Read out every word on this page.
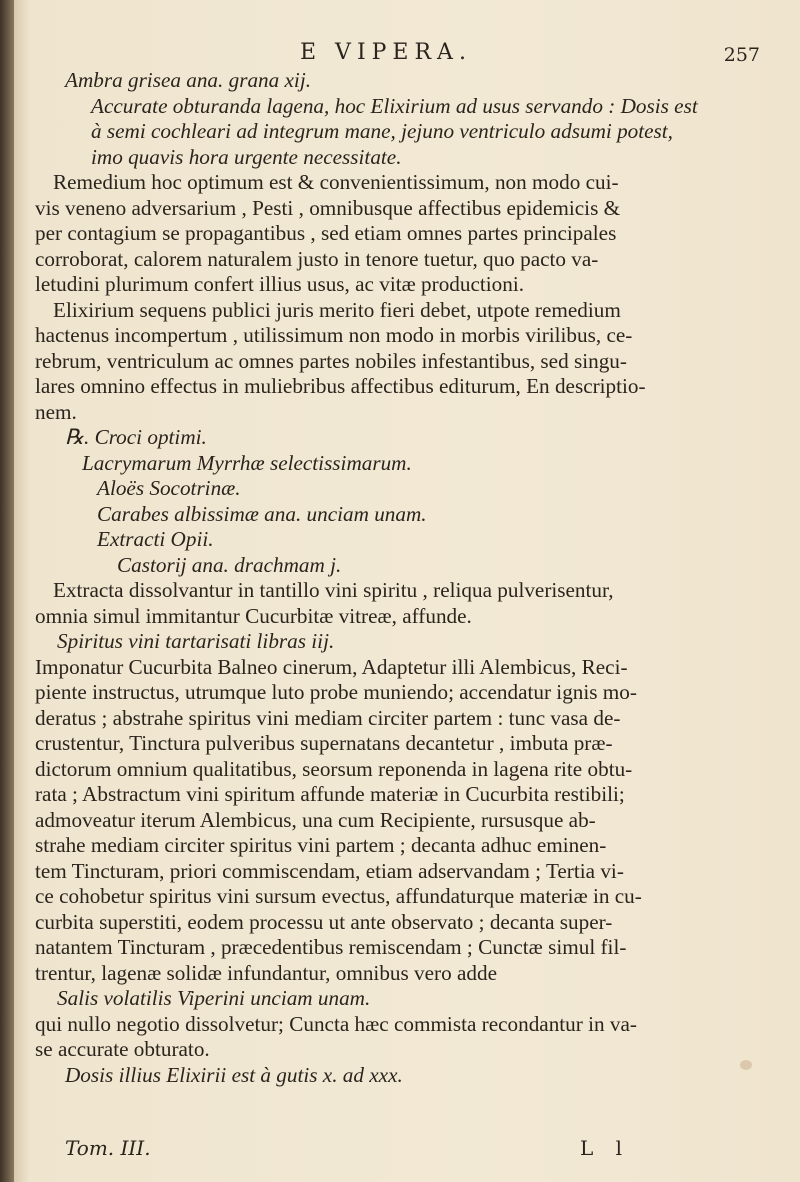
E VIPERA.	257
Ambra grisea ana. grana xij.
Accurate obturanda lagena, hoc Elixirium ad usus servando : Dosis est
à semi cochleari ad integrum mane, jejuno ventriculo adsumi potest,
imo quavis hora urgente necessitate.
Remedium hoc optimum est & convenientissimum, non modo cui-
vis veneno adversarium , Pesti , omnibusque affectibus epidemicis &
per contagium se propagantibus , sed etiam omnes partes principales
corroborat, calorem naturalem justo in tenore tuetur, quo pacto va-
letudini plurimum confert illius usus, ac vitæ productioni.
Elixirium sequens publici juris merito fieri debet, utpote remedium
hactenus incompertum , utilissimum non modo in morbis virilibus, ce-
rebrum, ventriculum ac omnes partes nobiles infestantibus, sed singu-
lares omnino effectus in muliebribus affectibus editurum, En descriptio-
nem.
℞. Croci optimi.
Lacrymarum Myrrhæ selectissimarum.
Aloës Socotrinæ.
Carabes albissimæ ana. unciam unam.
Extracti Opii.
Castorij ana. drachmam j.
Extracta dissolvantur in tantillo vini spiritu , reliqua pulverisentur,
omnia simul immitantur Cucurbitæ vitreæ, affunde.
Spiritus vini tartarisati libras iij.
Imponatur Cucurbita Balneo cinerum, Adaptetur illi Alembicus, Reci-
piente instructus, utrumque luto probe muniendo; accendatur ignis mo-
deratus ; abstrahe spiritus vini mediam circiter partem : tunc vasa de-
crustentur, Tinctura pulveribus supernatans decantetur , imbuta præ-
dictorum omnium qualitatibus, seorsum reponenda in lagena rite obtu-
rata ; Abstractum vini spiritum affunde materiæ in Cucurbita restibili;
admoveatur iterum Alembicus, una cum Recipiente, rursusque ab-
strahe mediam circiter spiritus vini partem ; decanta adhuc eminen-
tem Tincturam, priori commiscendam, etiam adservandam ; Tertia vi-
ce cohobetur spiritus vini sursum evectus, affundaturque materiæ in cu-
curbita superstiti, eodem processu ut ante observato ; decanta super-
natantem Tincturam , præcedentibus remiscendam ; Cunctæ simul fil-
trentur, lagenæ solidæ infundantur, omnibus vero adde
Salis volatilis Viperini unciam unam.
qui nullo negotio dissolvetur; Cuncta hæc commista recondantur in va-
se accurate obturato.
Dosis illius Elixirii est à gutis x. ad xxx.
Tom. III.	L l
